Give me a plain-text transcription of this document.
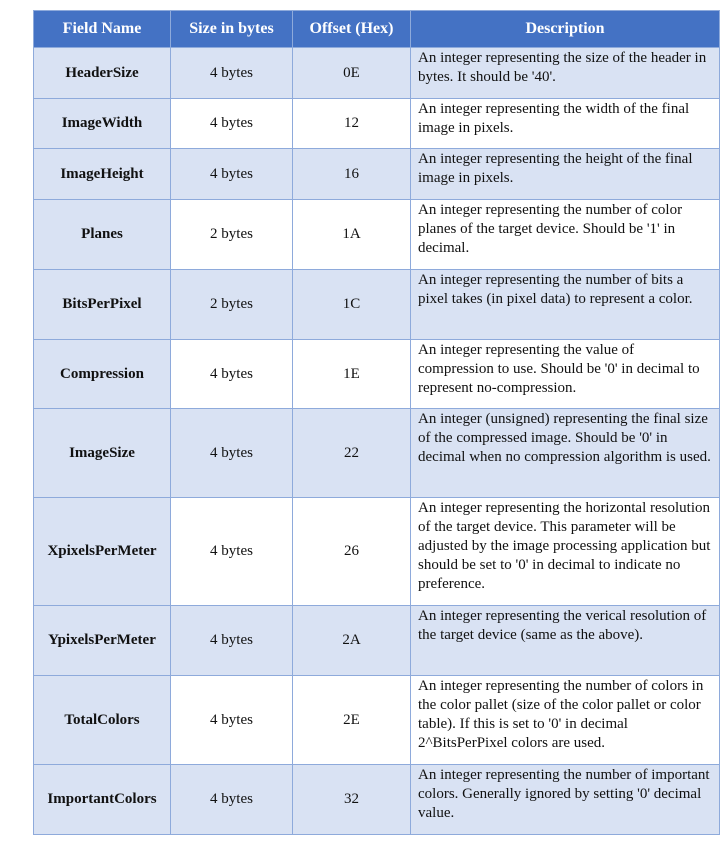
Field Name	Size in bytes	Offset (Hex)	Description
HeaderSize	4 bytes	0E	An integer representing the size of the header in bytes. It should be '40'.
ImageWidth	4 bytes	12	An integer representing the width of the final image in pixels.
ImageHeight	4 bytes	16	An integer representing the height of the final image in pixels.
Planes	2 bytes	1A	An integer representing the number of color planes of the target device. Should be '1' in decimal.
BitsPerPixel	2 bytes	1C	An integer representing the number of bits a pixel takes (in pixel data) to represent a color.
Compression	4 bytes	1E	An integer representing the value of compression to use. Should be '0' in decimal to represent no-compression.
ImageSize	4 bytes	22	An integer (unsigned) representing the final size of the compressed image. Should be '0' in decimal when no compression algorithm is used.
XpixelsPerMeter	4 bytes	26	An integer representing the horizontal resolution of the target device. This parameter will be adjusted by the image processing application but should be set to '0' in decimal to indicate no preference.
YpixelsPerMeter	4 bytes	2A	An integer representing the verical resolution of the target device (same as the above).
TotalColors	4 bytes	2E	An integer representing the number of colors in the color pallet (size of the color pallet or color table). If this is set to '0' in decimal 2^BitsPerPixel colors are used.
ImportantColors	4 bytes	32	An integer representing the number of important colors. Generally ignored by setting '0' decimal value.
